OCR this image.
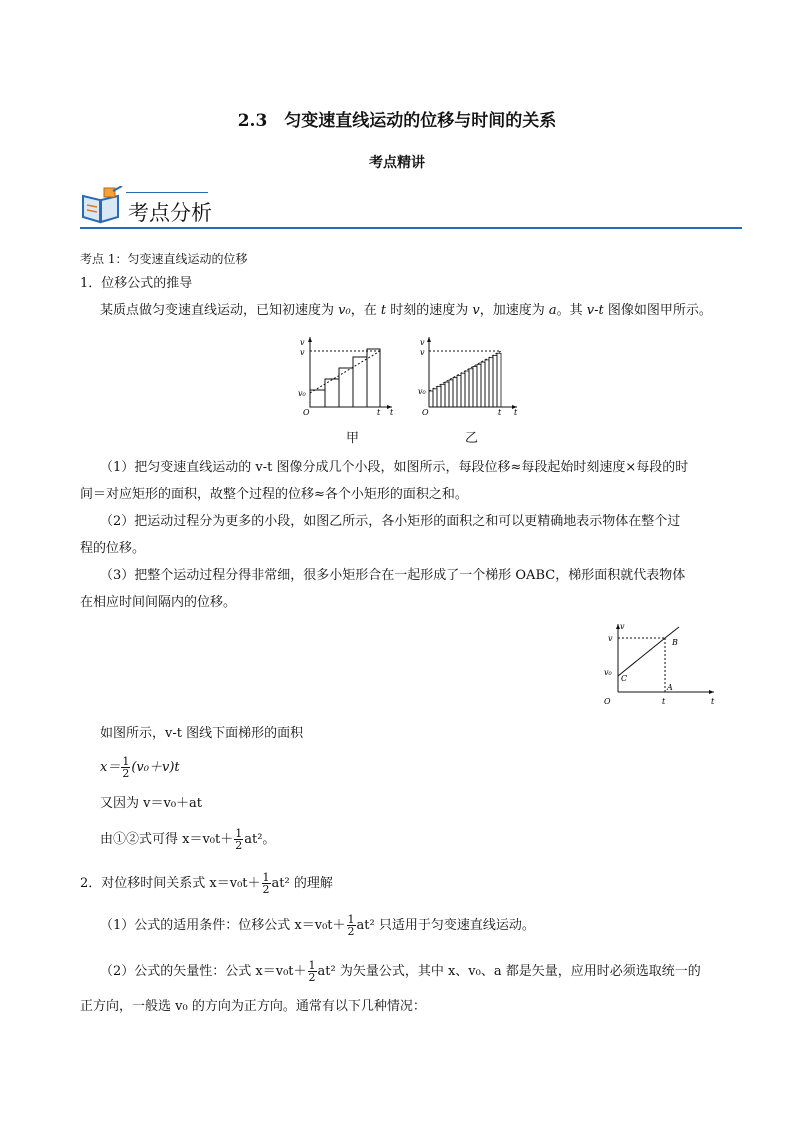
2.3　匀变速直线运动的位移与时间的关系
考点精讲
考点分析
考点 1：匀变速直线运动的位移
1．位移公式的推导
某质点做匀变速直线运动，已知初速度为 v₀，在 t 时刻的速度为 v，加速度为 a。其 v-t 图像如图甲所示。
v
v
v₀
O	t t
v
v
v₀
O	t t
甲	乙
（1）把匀变速直线运动的 v-t 图像分成几个小段，如图所示，每段位移≈每段起始时刻速度×每段的时
间＝对应矩形的面积，故整个过程的位移≈各个小矩形的面积之和。
（2）把运动过程分为更多的小段，如图乙所示，各小矩形的面积之和可以更精确地表示物体在整个过
程的位移。
（3）把整个运动过程分得非常细，很多小矩形合在一起形成了一个梯形 OABC，梯形面积就代表物体
在相应时间间隔内的位移。
v
v
v₀
C
B
A
O	t	t
如图所示，v-t 图线下面梯形的面积
$x= \frac{1}{2} (v_0+v)t$
又因为 v＝v₀＋at
由①②式可得 $x=v_0t+ \frac{1}{2} at^2$。
2．对位移时间关系式 $x=v_0t+ \frac{1}{2} at^2$ 的理解
（1）公式的适用条件：位移公式 $x=v_0t+ \frac{1}{2} at^2$ 只适用于匀变速直线运动。
（2）公式的矢量性：公式 $x=v_0t+ \frac{1}{2} at^2$ 为矢量公式，其中 x、v₀、a 都是矢量，应用时必须选取统一的
正方向，一般选 v₀ 的方向为正方向。通常有以下几种情况：
